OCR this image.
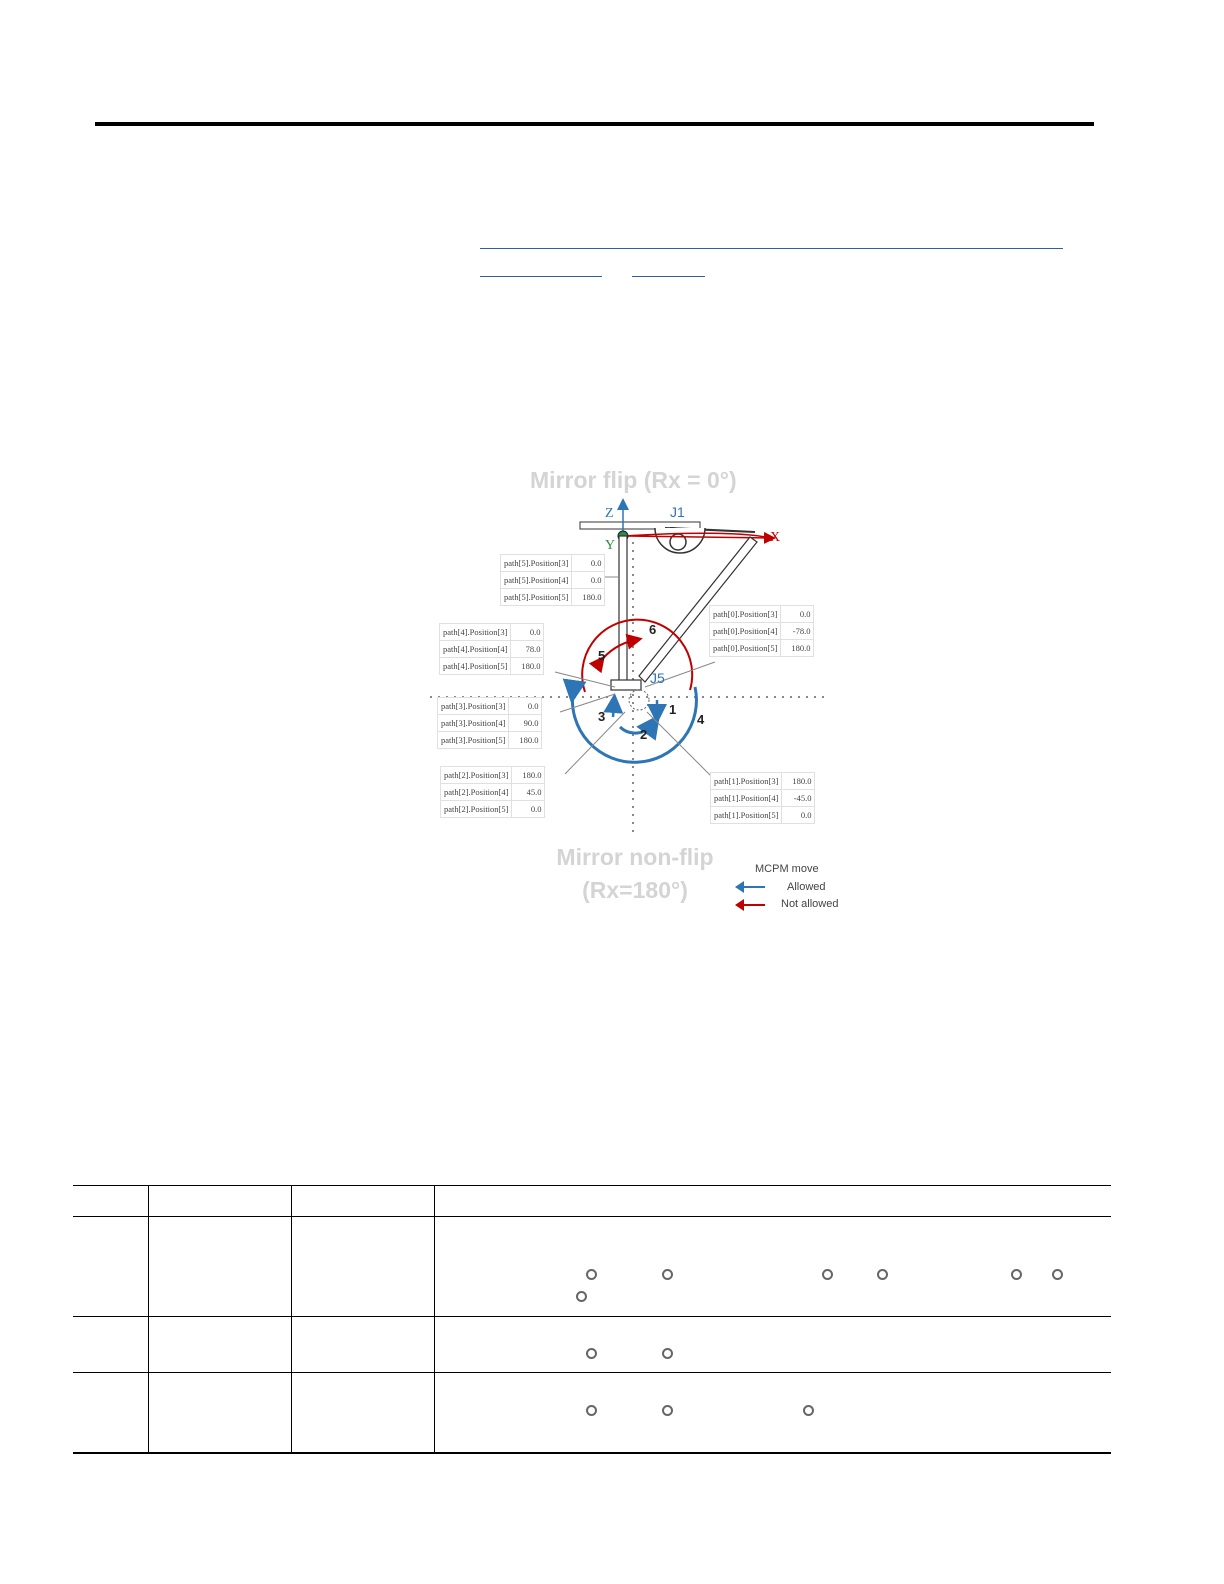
Mirror flip (Rx = 0°)
Z
Y
X
J1
J5
1
2
3	4
5
6
path[5].Position[3]	0.0
path[5].Position[4]	0.0
path[5].Position[5]	180.0
path[0].Position[3]	0.0
path[0].Position[4]	-78.0
path[0].Position[5]	180.0
path[4].Position[3]	0.0
path[4].Position[4]	78.0
path[4].Position[5]	180.0
path[3].Position[3]	0.0
path[3].Position[4]	90.0
path[3].Position[5]	180.0
path[2].Position[3]	180.0
path[2].Position[4]	45.0
path[2].Position[5]	0.0
path[1].Position[3]	180.0
path[1].Position[4]	-45.0
path[1].Position[5]	0.0
Mirror non-flip
(Rx=180°)
MCPM move
Allowed
Not allowed
